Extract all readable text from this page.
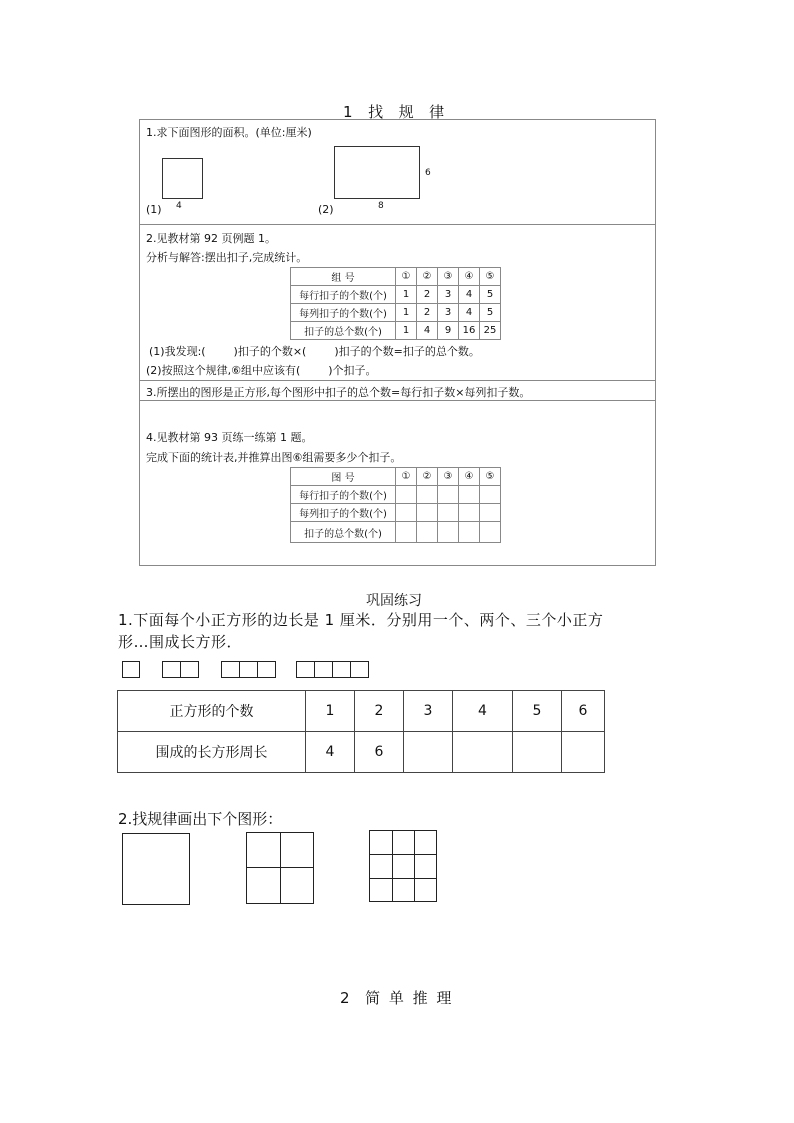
1  找  规  律
1.求下面图形的面积。(单位:厘米)
(1) 4	(2)	8
6
2.见教材第 92 页例题 1。
分析与解答:摆出扣子,完成统计。
组 号	①	②	③	④	⑤
每行扣子的个数(个)	1	2	3	4	5
每列扣子的个数(个)	1	2	3	4	5
扣子的总个数(个)	1	4	9	16	25
(1)我发现:(        )扣子的个数×(        )扣子的个数=扣子的总个数。
(2)按照这个规律,⑥组中应该有(        )个扣子。
3.所摆出的图形是正方形,每个图形中扣子的总个数=每行扣子数×每列扣子数。
4.见教材第 93 页练一练第 1 题。
完成下面的统计表,并推算出图⑥组需要多少个扣子。
图 号	①	②	③	④	⑤
每行扣子的个数(个)					
每列扣子的个数(个)					
扣子的总个数(个)					
巩固练习
1.下面每个小正方形的边长是 1 厘米．分别用一个、两个、三个小正方
形…围成长方形．
正方形的个数	1	2	3	4	5	6
围成的长方形周长	4	6				
2.找规律画出下个图形：
2  简 单 推 理
